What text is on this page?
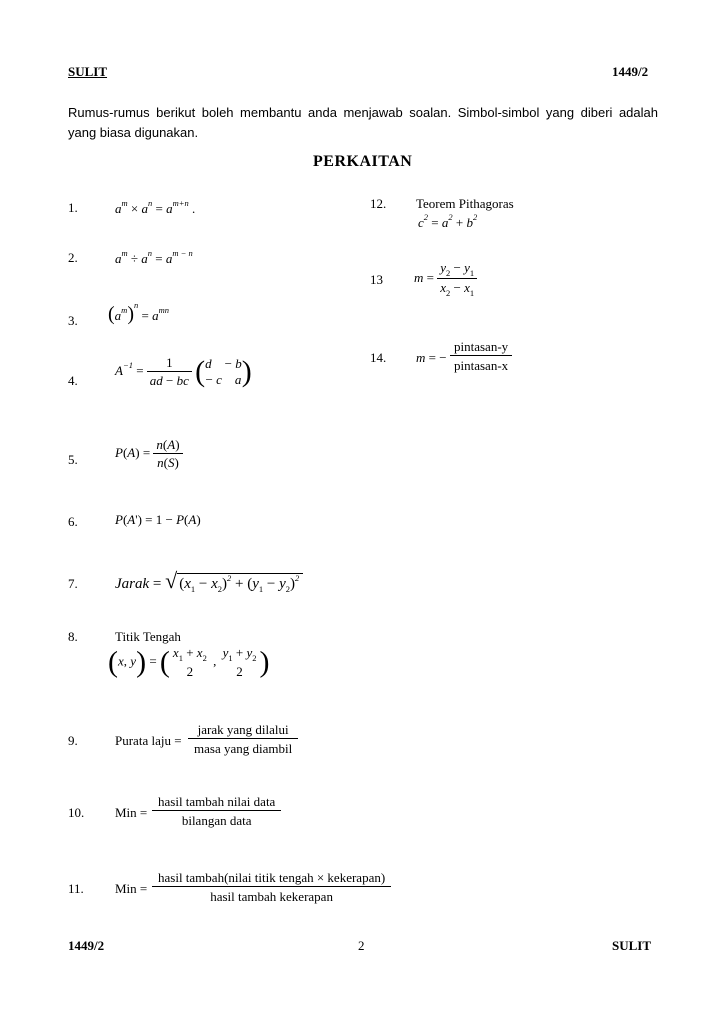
SULIT	1449/2
Rumus-rumus berikut boleh membantu anda menjawab soalan. Simbol-simbol yang diberi adalah yang biasa digunakan.
PERKAITAN
1.	$a^m \times a^n = a^{m+n}$ .
2.	$a^m \div a^n = a^{m - n}$
3. $(a^m)^n = a^{mn}$
4.
$A^{-1} = \frac{1}{ad - bc}$ ( d    − b
− c a )
5.	$P(A) = \frac{n(A)}{n(S)}$
6.	P(A') = 1 − P(A)
7. Jarak = √ $(x_1 - x_2)^2 + (y_1 - y_2)^2$
8.	Titik Tengah
(x, y) = ( $x_1 + x_2$
2
,
$y_1 + y_2$
2 )
9.	Purata laju =
jarak yang dilalui
masa yang diambil
10. Min =
hasil tambah nilai data
bilangan data
11. Min =
hasil tambah(nilai titik tengah × kekerapan)
hasil tambah kekerapan
12. Teorem Pithagoras
$c^2 = a^2 + b^2$
13 $m = \frac{y_2 - y_1}{x_2 - x_1}$
14. m = −
pintasan-y
pintasan-x
1449/2	2	SULIT
